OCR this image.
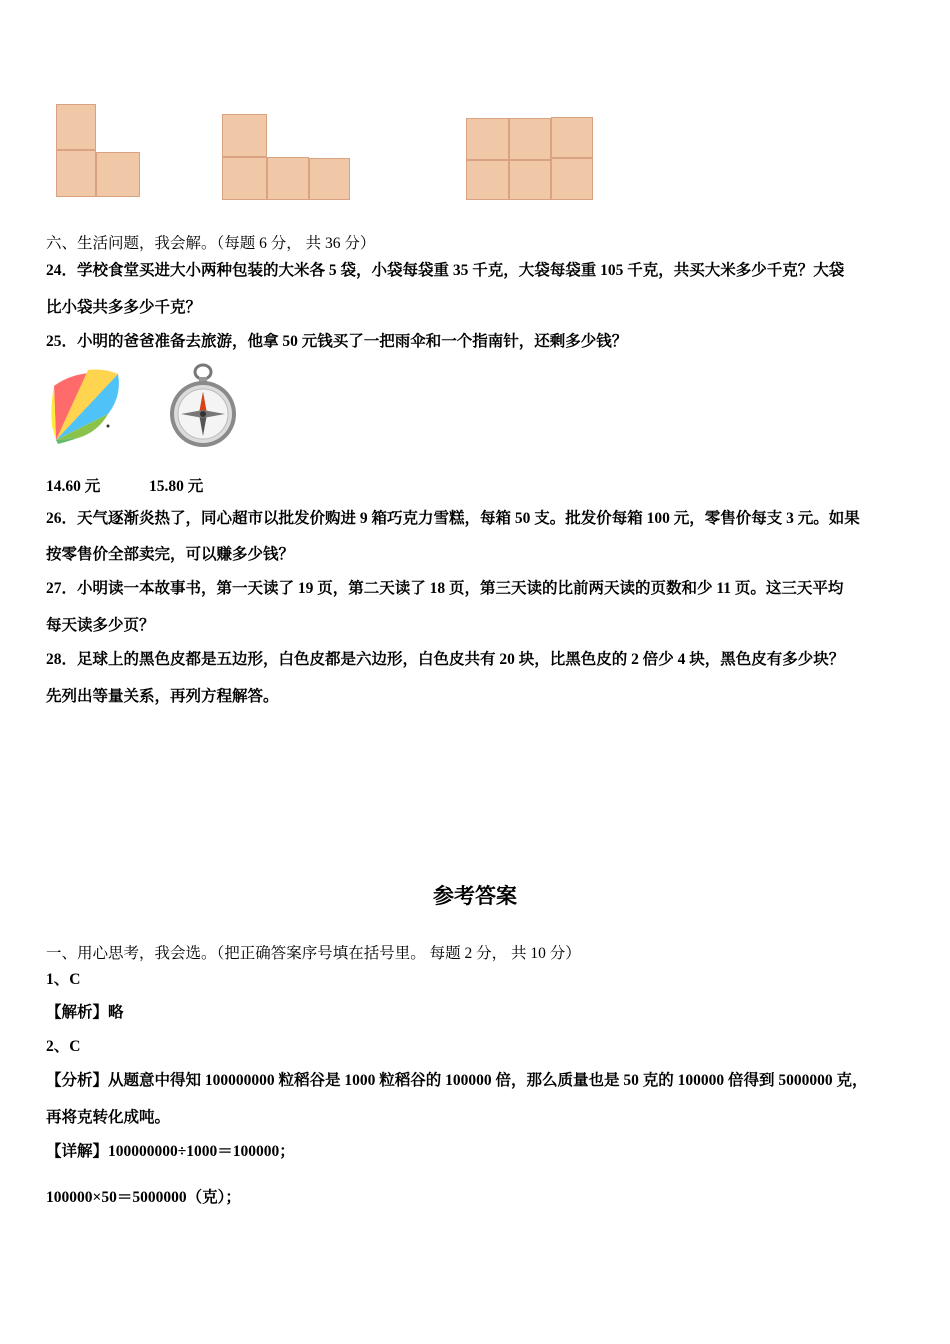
六、生活问题，我会解。（每题 6 分， 共 36 分）
24．学校食堂买进大小两种包装的大米各 5 袋，小袋每袋重 35 千克，大袋每袋重 105 千克，共买大米多少千克？大袋
比小袋共多多少千克？
25．小明的爸爸准备去旅游，他拿 50 元钱买了一把雨伞和一个指南针，还剩多少钱？
14.60 元	15.80 元
26．天气逐渐炎热了，同心超市以批发价购进 9 箱巧克力雪糕，每箱 50 支。批发价每箱 100 元，零售价每支 3 元。如果
按零售价全部卖完，可以赚多少钱？
27．小明读一本故事书，第一天读了 19 页，第二天读了 18 页，第三天读的比前两天读的页数和少 11 页。这三天平均
每天读多少页？
28．足球上的黑色皮都是五边形，白色皮都是六边形，白色皮共有 20 块，比黑色皮的 2 倍少 4 块，黑色皮有多少块？
先列出等量关系，再列方程解答。
参考答案
一、用心思考，我会选。（把正确答案序号填在括号里。 每题 2 分， 共 10 分）
1、C
【解析】略
2、C
【分析】从题意中得知 100000000 粒稻谷是 1000 粒稻谷的 100000 倍，那么质量也是 50 克的 100000 倍得到 5000000 克，
再将克转化成吨。
【详解】100000000÷1000＝100000；
100000×50＝5000000（克）；
